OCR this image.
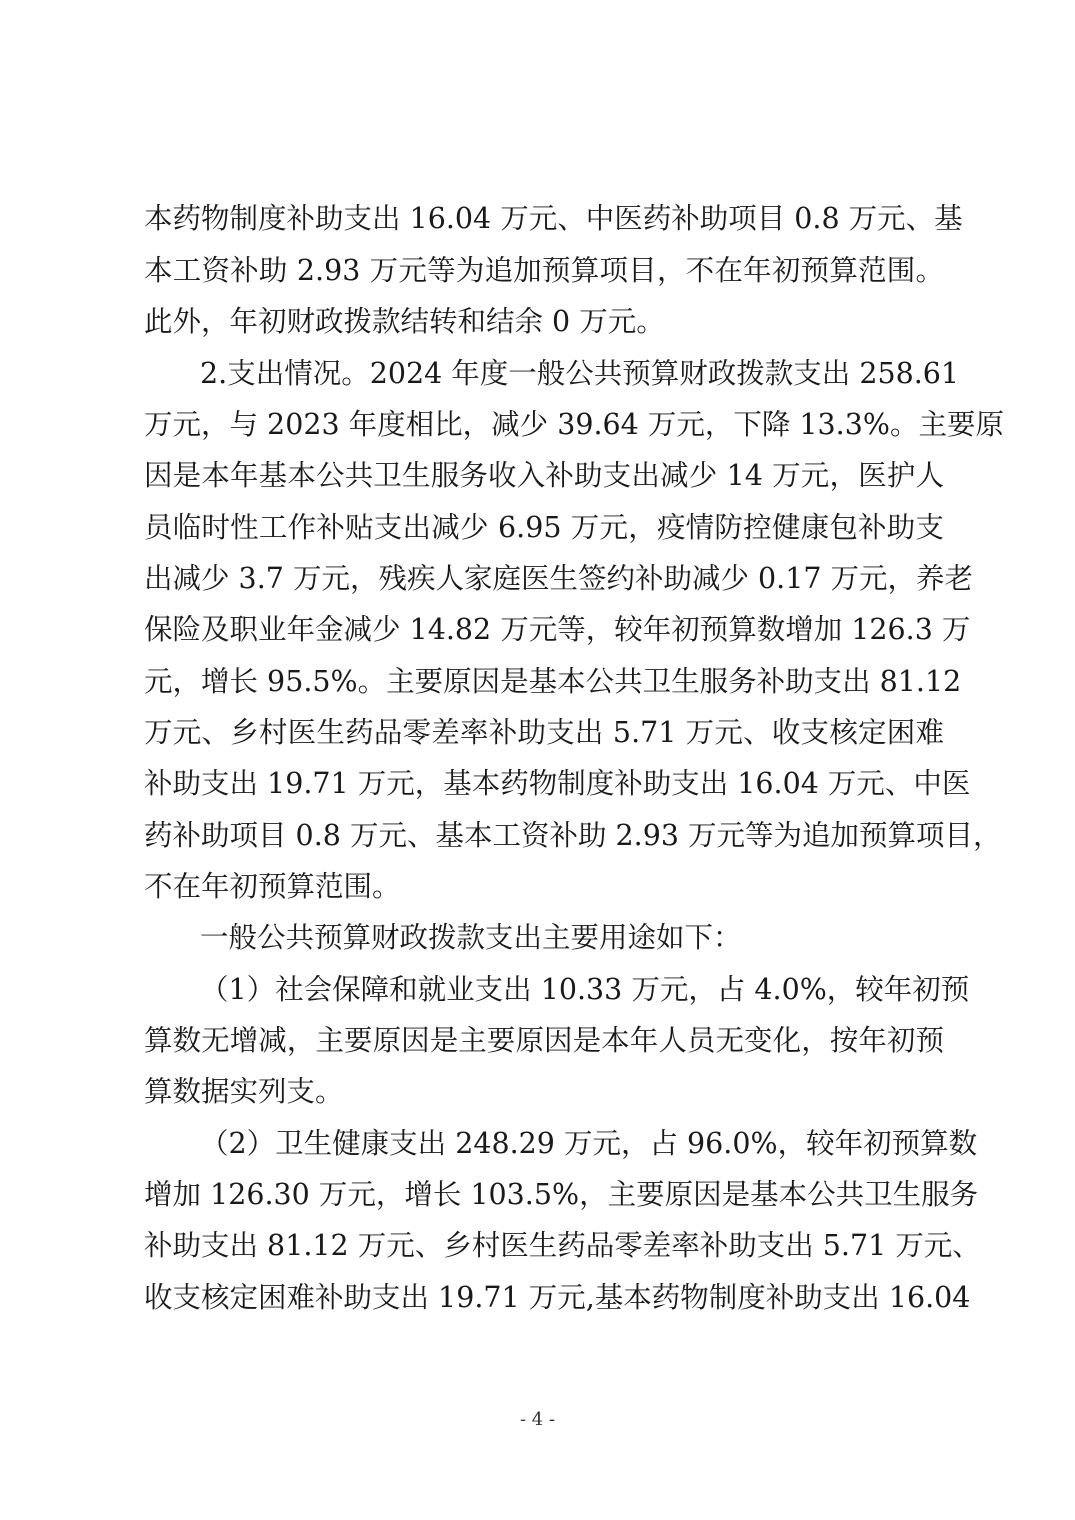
本药物制度补助支出 16.04 万元、中医药补助项目 0.8 万元、基
本工资补助 2.93 万元等为追加预算项目，不在年初预算范围。
此外，年初财政拨款结转和结余 0 万元。
2.支出情况。2024 年度一般公共预算财政拨款支出 258.61
万元，与 2023 年度相比，减少 39.64 万元，下降 13.3%。主要原
因是本年基本公共卫生服务收入补助支出减少 14 万元，医护人
员临时性工作补贴支出减少 6.95 万元，疫情防控健康包补助支
出减少 3.7 万元，残疾人家庭医生签约补助减少 0.17 万元，养老
保险及职业年金减少 14.82 万元等，较年初预算数增加 126.3 万
元，增长 95.5%。主要原因是基本公共卫生服务补助支出 81.12
万元、乡村医生药品零差率补助支出 5.71 万元、收支核定困难
补助支出 19.71 万元，基本药物制度补助支出 16.04 万元、中医
药补助项目 0.8 万元、基本工资补助 2.93 万元等为追加预算项目，
不在年初预算范围。
一般公共预算财政拨款支出主要用途如下：
（1）社会保障和就业支出 10.33 万元，占 4.0%，较年初预
算数无增减，主要原因是主要原因是本年人员无变化，按年初预
算数据实列支。
（2）卫生健康支出 248.29 万元，占 96.0%，较年初预算数
增加 126.30 万元，增长 103.5%，主要原因是基本公共卫生服务
补助支出 81.12 万元、乡村医生药品零差率补助支出 5.71 万元、
收支核定困难补助支出 19.71 万元,基本药物制度补助支出 16.04
- 4 -
